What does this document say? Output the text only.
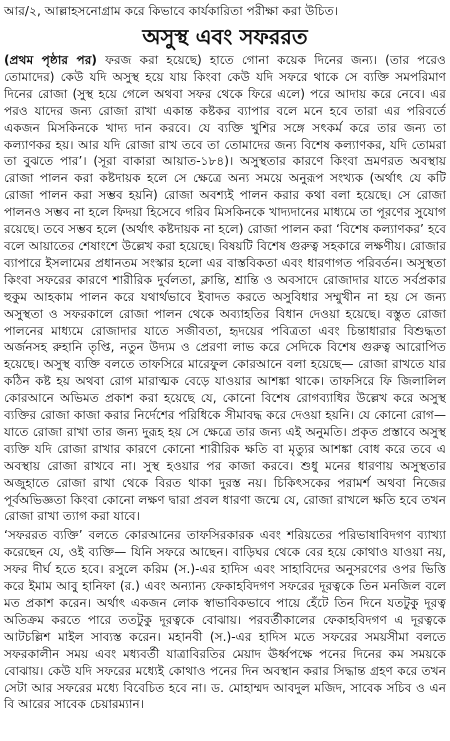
আর/২, আল্লাহসনোগ্রাম করে কিভাবে কার্যকারিতা পরীক্ষা করা উচিত।
অসুস্থ এবং সফররত

(প্রথম পৃষ্ঠার পর) ফরজ করা হয়েছে) হাতে গোনা কয়েক দিনের জন্য। (তার পরেও তোমাদের) কেউ যদি অসুস্থ হয়ে যায় কিংবা কেউ যদি সফরে থাকে সে ব্যক্তি সমপরিমাণ দিনের রোজা (সুস্থ হয়ে গেলে অথবা সফর থেকে ফিরে এলে) পরে আদায় করে নেবে। এর পরও যাদের জন্য রোজা রাখা একান্ত কষ্টকর ব্যাপার বলে মনে হবে তারা এর পরিবর্তে একজন মিসকিনকে খাদ্য দান করবে। যে ব্যক্তি খুশির সঙ্গে সৎকর্ম করে তার জন্য তা কল্যাণকর হয়। আর যদি রোজা রাখ তবে তা তোমাদের জন্য বিশেষ কল্যাণকর, যদি তোমরা তা বুঝতে পার’। (সূরা বাকারা আয়াত-১৮৪)। অসুস্থতার কারণে কিংবা ভ্রমণরত অবস্থায় রোজা পালন করা কষ্টদায়ক হলে সে ক্ষেত্রে অন্য সময়ে অনুরূপ সংখ্যক (অর্থাৎ যে কটি রোজা পালন করা সম্ভব হয়নি) রোজা অবশ্যই পালন করার কথা বলা হয়েছে। সে রোজা পালনও সম্ভব না হলে ফিদয়া হিসেবে গরিব মিসকিনকে খাদ্যদানের মাধ্যমে তা পূরণের সুযোগ রয়েছে। তবে সম্ভব হলে (অর্থাৎ কষ্টদায়ক না হলে) রোজা পালন করা ‘বিশেষ কল্যাণকর’ হবে বলে আয়াতের শেষাংশে উল্লেখ করা হয়েছে। বিষয়টি বিশেষ গুরুত্ব সহকারে লক্ষণীয়। রোজার ব্যাপারে ইসলামের প্রধানতম সংস্কার হলো এর বাস্তবিকতা এবং ধারণাগত পরিবর্তন। অসুস্থতা কিংবা সফরের কারণে শারীরিক দুর্বলতা, ক্লান্তি, শ্রান্তি ও অবসাদে রোজাদার যাতে সর্বপ্রকার হুকুম আহকাম পালন করে যথার্থভাবে ইবাদত করতে অসুবিধার সম্মুখীন না হয় সে জন্য অসুস্থতা ও সফরকালে রোজা পালন থেকে অব্যাহতির বিধান দেওয়া হয়েছে। বস্তুত রোজা পালনের মাধ্যমে রোজাদার যাতে সজীবতা, হৃদয়ের পবিত্রতা এবং চিন্তাধারার বিশুদ্ধতা অর্জনসহ রুহানি তৃপ্তি, নতুন উদ্যম ও প্রেরণা লাভ করে সেদিকে বিশেষ গুরুত্ব আরোপিত হয়েছে। অসুস্থ ব্যক্তি বলতে তাফসিরে মারেফুল কোরআনে বলা হয়েছে— রোজা রাখতে যার কঠিন কষ্ট হয় অথবা রোগ মারাত্মক বেড়ে যাওয়ার আশঙ্কা থাকে। তাফসিরে ফি জিলালিল কোরআনে অভিমত প্রকাশ করা হয়েছে যে, কোনো বিশেষ রোগব্যাধির উল্লেখ করে অসুস্থ ব্যক্তির রোজা কাজা করার নির্দেশের পরিধিকে সীমাবদ্ধ করে দেওয়া হয়নি। যে কোনো রোগ— যাতে রোজা রাখা তার জন্য দুরূহ হয় সে ক্ষেত্রে তার জন্য এই অনুমতি। প্রকৃত প্রস্তাবে অসুস্থ ব্যক্তি যদি রোজা রাখার কারণে কোনো শারীরিক ক্ষতি বা মৃত্যুর আশঙ্কা বোধ করে তবে এ অবস্থায় রোজা রাখবে না। সুস্থ হওয়ার পর কাজা করবে। শুধু মনের ধারণায় অসুস্থতার অজুহাতে রোজা রাখা থেকে বিরত থাকা দুরস্ত নয়। চিকিৎসকের পরামর্শ অথবা নিজের পূর্বঅভিজ্ঞতা কিংবা কোনো লক্ষণ দ্বারা প্রবল ধারণা জন্মে যে, রোজা রাখলে ক্ষতি হবে তখন রোজা রাখা ত্যাগ করা যাবে।

‘সফররত ব্যক্তি’ বলতে কোরআনের তাফসিরকারক এবং শরিয়তের পরিভাষাবিদগণ ব্যাখ্যা করেছেন যে, ওই ব্যক্তি— যিনি সফরে আছেন। বাড়িঘর থেকে বের হয়ে কোথাও যাওয়া নয়, সফর দীর্ঘ হতে হবে। রসুলে করিম (স.)-এর হাদিস এবং সাহাবিদের অনুসরণের ওপর ভিত্তি করে ইমাম আবু হানিফা (র.) এবং অন্যান্য ফেকাহবিদগণ সফরের দূরত্বকে তিন মনজিল বলে মত প্রকাশ করেন। অর্থাৎ একজন লোক স্বাভাবিকভাবে পায়ে হেঁটে তিন দিনে যতটুকু দূরত্ব অতিক্রম করতে পারে ততটুকু দূরত্বকে বোঝায়। পরবর্তীকালের ফেকাহবিদগণ এ দূরত্বকে আটচল্লিশ মাইল সাব্যস্ত করেন। মহানবী (স.)-এর হাদিস মতে সফরের সময়সীমা বলতে সফরকালীন সময় এবং মধ্যবর্তী যাত্রাবিরতির মেয়াদ ঊর্ধ্বপক্ষে পনের দিনের কম সময়কে বোঝায়। কেউ যদি সফরের মধ্যেই কোথাও পনের দিন অবস্থান করার সিদ্ধান্ত গ্রহণ করে তখন সেটা আর সফরের মধ্যে বিবেচিত হবে না। ড. মোহাম্মদ আবদুল মজিদ, সাবেক সচিব ও এন বি আরের সাবেক চেয়ারম্যান।
